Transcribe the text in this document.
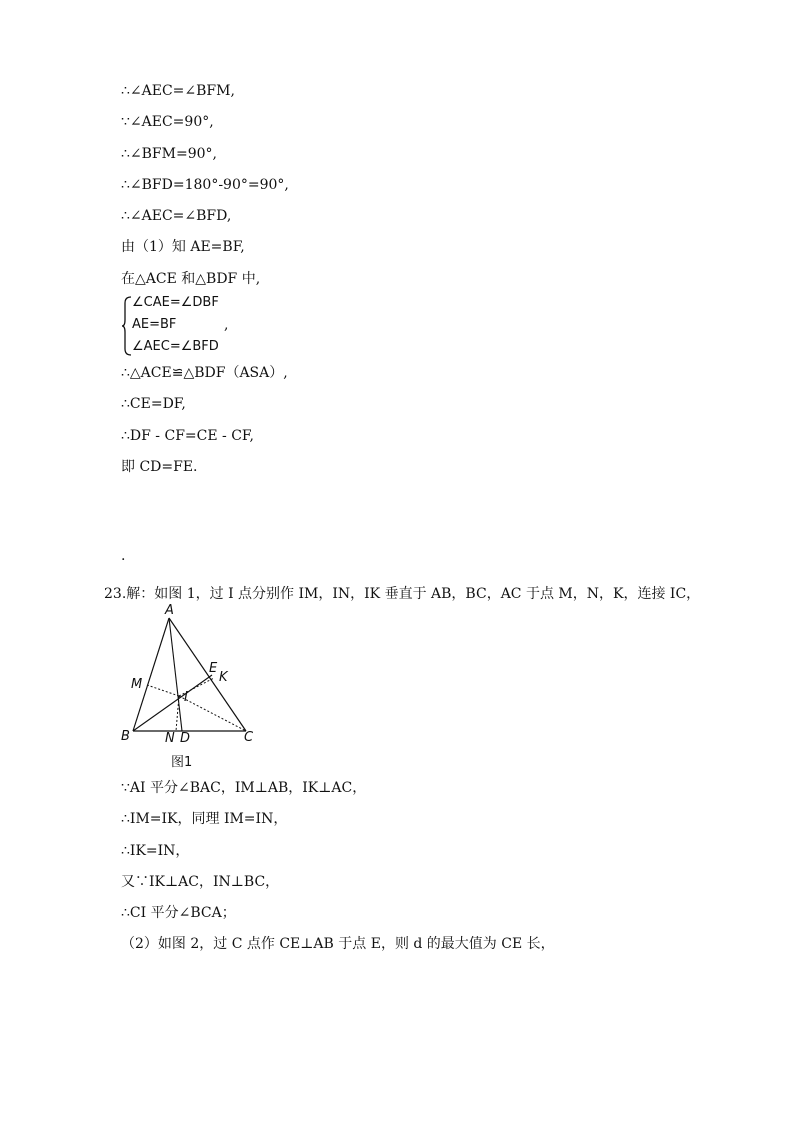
∴∠AEC=∠BFM,
∵∠AEC=90°,
∴∠BFM=90°,
∴∠BFD=180°-90°=90°,
∴∠AEC=∠BFD,
由（1）知 AE=BF,
在△ACE 和△BDF 中,
∠CAE=∠DBF
AE=BF
∠AEC=∠BFD
,
∴△ACE≌△BDF（ASA）,
∴CE=DF,
∴DF - CF=CE - CF,
即 CD=FE.
.
23.解：如图 1，过 I 点分别作 IM，IN，IK 垂直于 AB，BC，AC 于点 M，N，K，连接 IC，
A
B	C
D
E
K
M
N
I
图1
∵AI 平分∠BAC，IM⊥AB，IK⊥AC，
∴IM=IK，同理 IM=IN，
∴IK=IN，
又∵IK⊥AC，IN⊥BC，
∴CI 平分∠BCA；
（2）如图 2，过 C 点作 CE⊥AB 于点 E，则 d 的最大值为 CE 长，
